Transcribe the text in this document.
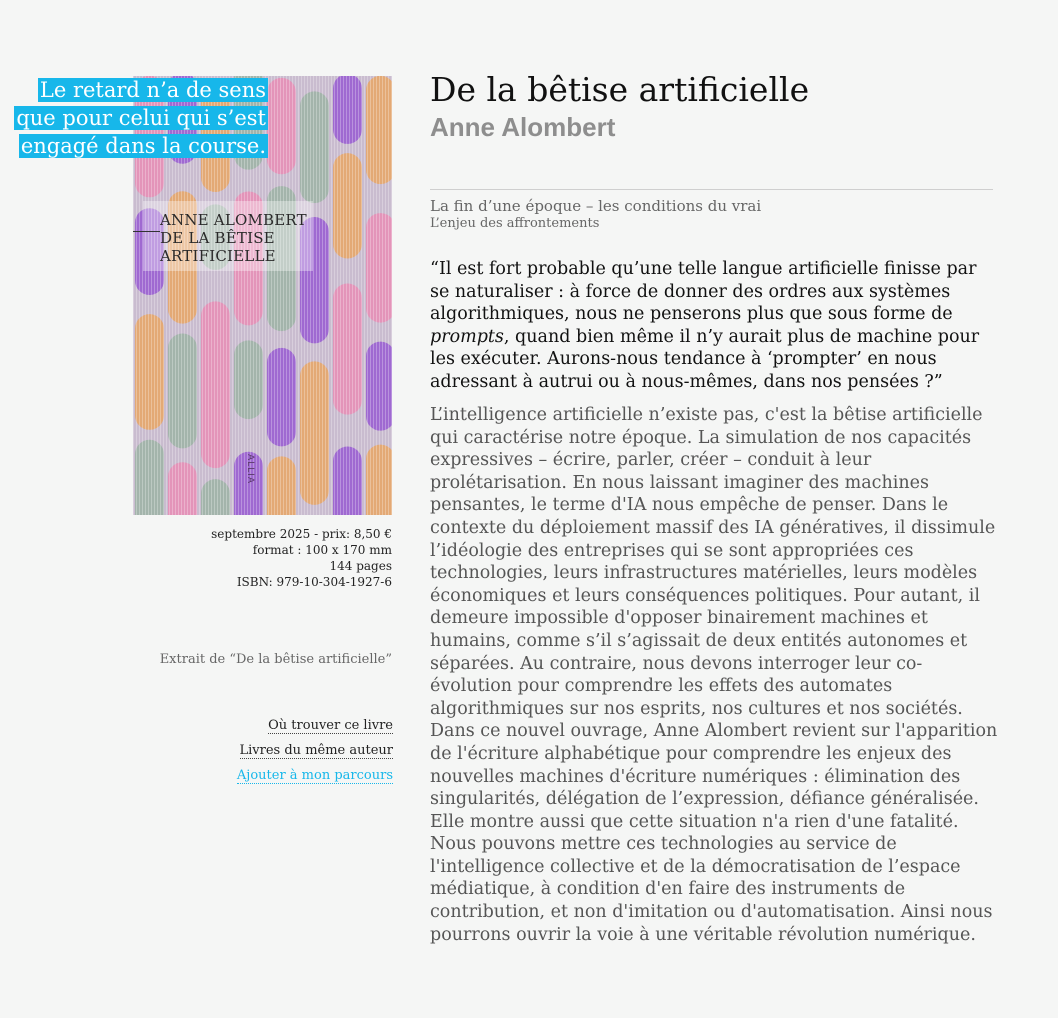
ANNE ALOMBERT
DE LA BÊTISE
ARTIFICIELLE
ALLIA
Le retard n’a de sens
que pour celui qui s’est
engagé dans la course.
septembre 2025 - prix: 8,50 €
format : 100 x 170 mm
144 pages
ISBN: 979-10-304-1927-6
Extrait de “De la bêtise artificielle”
Où trouver ce livre
Livres du même auteur
Ajouter à mon parcours
De la bêtise artificielle
Anne Alombert
La fin d’une époque – les conditions du vrai
L’enjeu des affrontements
“Il est fort probable qu’une telle langue artificielle finisse par se naturaliser : à force de donner des ordres aux systèmes algorithmiques, nous ne penserons plus que sous forme de prompts, quand bien même il n’y aurait plus de machine pour les exécuter. Aurons-nous tendance à ‘prompter’ en nous adressant à autrui ou à nous-mêmes, dans nos pensées ?”
L’intelligence artificielle n’existe pas, c'est la bêtise artificielle qui caractérise notre époque. La simulation de nos capacités expressives – écrire, parler, créer – conduit à leur prolétarisation. En nous laissant imaginer des machines pensantes, le terme d'IA nous empêche de penser. Dans le contexte du déploiement massif des IA génératives, il dissimule l’idéologie des entreprises qui se sont appropriées ces technologies, leurs infrastructures matérielles, leurs modèles économiques et leurs conséquences politiques. Pour autant, il demeure impossible d'opposer binairement machines et humains, comme s’il s’agissait de deux entités autonomes et séparées. Au contraire, nous devons interroger leur co-évolution pour comprendre les effets des automates algorithmiques sur nos esprits, nos cultures et nos sociétés. Dans ce nouvel ouvrage, Anne Alombert revient sur l'apparition de l'écriture alphabétique pour comprendre les enjeux des nouvelles machines d'écriture numériques : élimination des singularités, délégation de l’expression, défiance généralisée. Elle montre aussi que cette situation n'a rien d'une fatalité. Nous pouvons mettre ces technologies au service de l'intelligence collective et de la démocratisation de l’espace médiatique, à condition d'en faire des instruments de contribution, et non d'imitation ou d'automatisation. Ainsi nous pourrons ouvrir la voie à une véritable révolution numérique.
